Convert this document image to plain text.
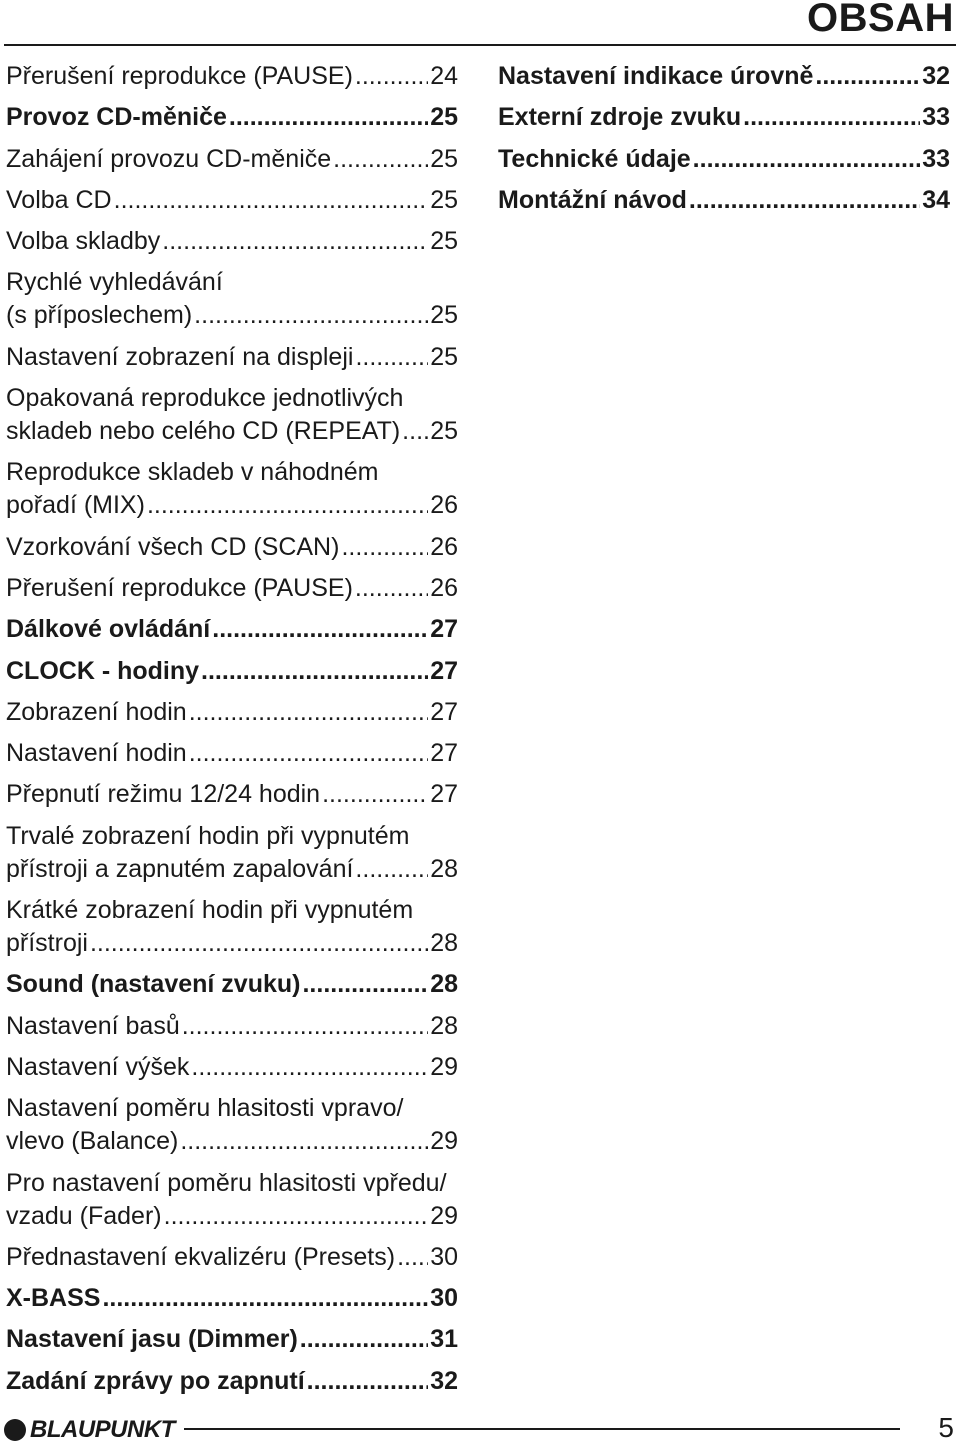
OBSAH
Přerušení reprodukce (PAUSE) .....	24
Provoz CD-měniče .....	25
Zahájení provozu CD-měniče .....	25
Volba CD .....	25
Volba skladby .....	25
Rychlé vyhledávání
(s příposlechem) .....	25
Nastavení zobrazení na displeji .....	25
Opakovaná reprodukce jednotlivých
skladeb nebo celého CD (REPEAT) ..... 25
Reprodukce skladeb v náhodném
pořadí (MIX) .....	26
Vzorkování všech CD (SCAN) .....	26
Přerušení reprodukce (PAUSE) .....	26
Dálkové ovládání .....	27
CLOCK - hodiny .....	27
Zobrazení hodin .....	27
Nastavení hodin .....	27
Přepnutí režimu 12/24 hodin .....	27
Trvalé zobrazení hodin při vypnutém
přístroji a zapnutém zapalování .....	28
Krátké zobrazení hodin při vypnutém
přístroji .....	28
Sound (nastavení zvuku) .....	28
Nastavení basů .....	28
Nastavení výšek .....	29
Nastavení poměru hlasitosti vpravo/
vlevo (Balance) .....	29
Pro nastavení poměru hlasitosti vpředu/
vzadu (Fader) .....	29
Přednastavení ekvalizéru (Presets) ..... 30
X-BASS .....	30
Nastavení jasu (Dimmer) .....	31
Zadání zprávy po zapnutí .....	32
Nastavení indikace úrovně .....	32
Externí zdroje zvuku .....	33
Technické údaje .....	33
Montážní návod .....	34
BLAUPUNKT	5
